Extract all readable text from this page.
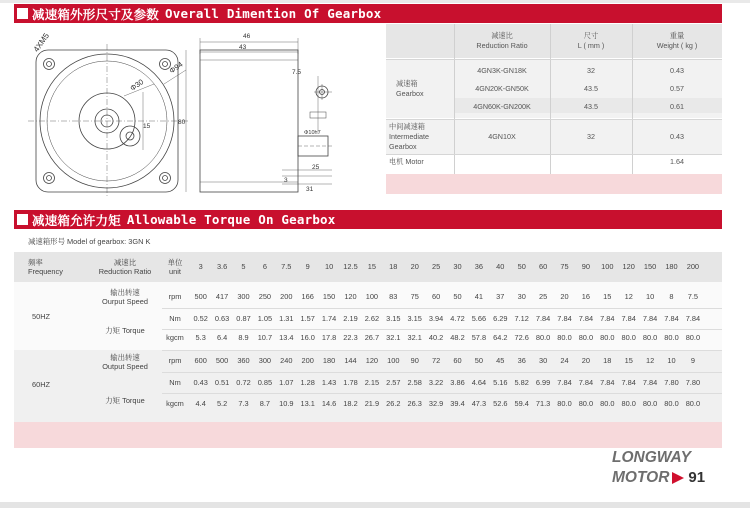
减速箱外形尺寸及参数 Overall Dimention Of Gearbox
4XM5
Φ94
Φ30
46
43
7.5
80
15
Φ10h7
25
3
31
减速比
Reduction Ratio
尺寸
L ( mm )
重量
Weight ( kg )
减速箱
Gearbox
4GN3K-GN18K	32	0.43
4GN20K-GN50K	43.5	0.57
4GN60K-GN200K	43.5	0.61
中间减速箱
Intermediate
Gearbox
4GN10X	32	0.43
电机 Motor	1.64
减速箱允许力矩 Allowable Torque On Gearbox
减速箱形号 Model of gearbox: 3GN K
频率
Frequency
减速比
Reduction Ratio
单位
unit
50HZ
60HZ
输出转速
Ourput Speed
力矩 Torque
输出转速
Output Speed
力矩 Torque
3	3.6	5	6	7.5	9	10	12.5	15	18	20	25	30	36	40	50	60	75	90	100	120	150	180	200
rpm	500	417	300	250	200	166	150	120	100	83	75	60	50	41	37	30	25	20	16	15	12	10	8	7.5
Nm	0.52 0.63 0.87 1.05 1.31 1.57 1.74 2.19 2.62 3.15 3.15 3.94 4.72 5.66 6.29 7.12 7.84 7.84 7.84 7.84 7.84 7.84 7.84 7.84
kgcm	5.3	6.4	8.9	10.7 13.4 16.0 17.8 22.3 26.7 32.1 32.1 40.2 48.2 57.8 64.2 72.6 80.0 80.0 80.0 80.0 80.0 80.0 80.0 80.0
rpm	600	500	360	300	240	200	180	144	120	100	90	72	60	50	45	36	30	24	20	18	15	12	10	9
Nm	0.43 0.51 0.72 0.85 1.07 1.28 1.43 1.78 2.15 2.57 2.58 3.22 3.86 4.64 5.16 5.82 6.99 7.84 7.84 7.84 7.84 7.84 7.80 7.80
kgcm	4.4	5.2	7.3	8.7	10.9 13.1 14.6 18.2 21.9 26.2 26.3 32.9 39.4 47.3 52.6 59.4 71.3 80.0 80.0 80.0 80.0 80.0 80.0 80.0
LONGWAY
MOTOR 91
